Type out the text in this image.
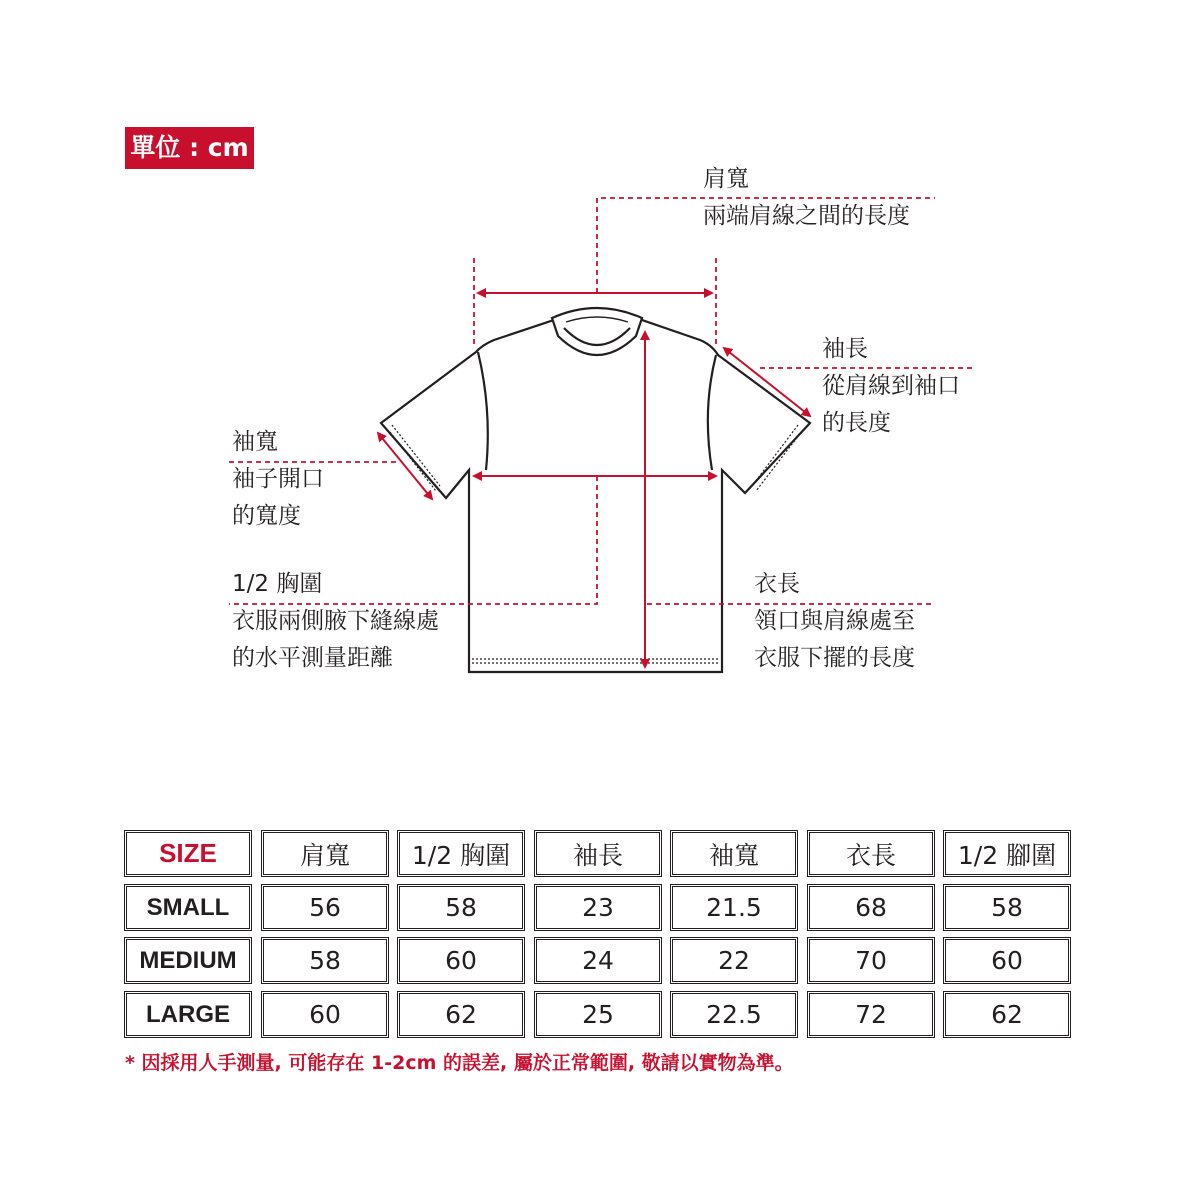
單位 : cm
肩寬
兩端肩線之間的長度
袖長
從肩線到袖口
的長度
袖寬
袖子開口
的寬度
1/2 胸圍
衣服兩側腋下縫線處
的水平測量距離
衣長
領口與肩線處至
衣服下擺的長度
SIZE	肩寬	1/2 胸圍	袖長	袖寬	衣長	1/2 腳圍
SMALL	56	58	23	21.5	68	58
MEDIUM	58	60	24	22	70	60
LARGE	60	62	25	22.5	72	62
* 因採用人手測量, 可能存在 1-2cm 的誤差, 屬於正常範圍, 敬請以實物為準。
